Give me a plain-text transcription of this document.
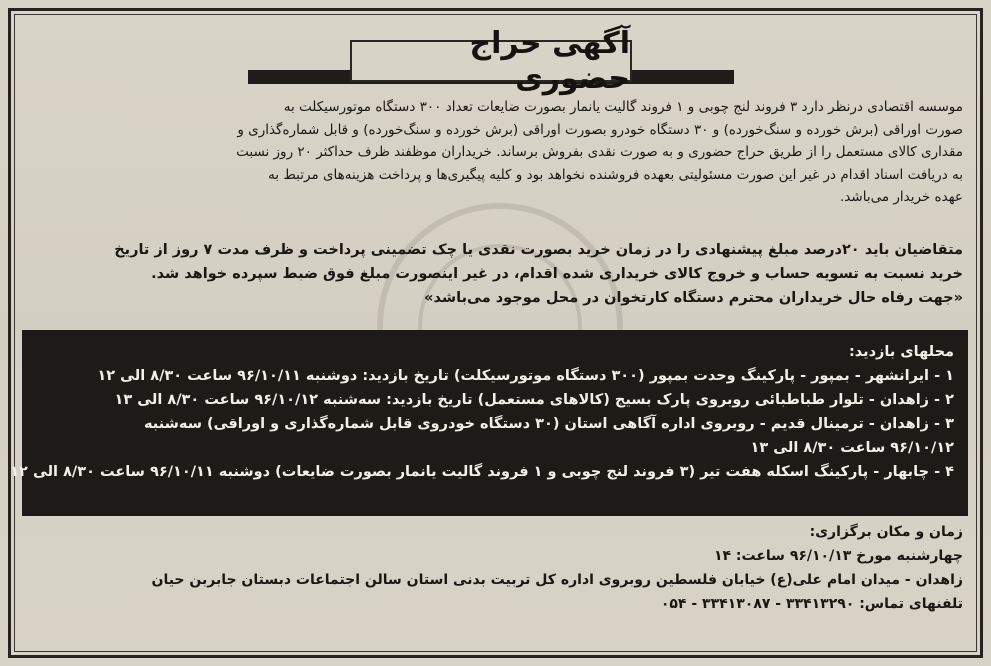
آگهی حراج حضوری
موسسه اقتصادی درنظر دارد ۳ فروند لنج چوبی و ۱ فروند گالیت یانمار بصورت ضایعات تعداد ۳۰۰ دستگاه موتورسیکلت به
صورت اوراقی (برش خورده و سنگ‌خورده) و ۳۰ دستگاه خودرو بصورت اوراقی (برش خورده و سنگ‌خورده) و قابل شماره‌گذاری و
مقداری کالای مستعمل را از طریق حراج حضوری و به صورت نقدی بفروش برساند. خریداران موظفند ظرف حداکثر ۲۰ روز نسبت
به دریافت اسناد اقدام در غیر این صورت مسئولیتی بعهده فروشنده نخواهد بود و کلیه پیگیری‌ها و پرداخت هزینه‌های مرتبط به
عهده خریدار می‌باشد.
متقاضیان باید ۲۰درصد مبلغ پیشنهادی را در زمان خرید بصورت نقدی یا چک تضمینی پرداخت و ظرف مدت ۷ روز از تاریخ
خرید نسبت به تسویه حساب و خروج کالای خریداری شده اقدام، در غیر اینصورت مبلغ فوق ضبط سپرده خواهد شد.
«جهت رفاه حال خریداران محترم دستگاه کارتخوان در محل موجود می‌باشد»
محلهای بازدید:
۱ - ایرانشهر - بمپور - پارکینگ وحدت بمپور (۳۰۰ دستگاه موتورسیکلت) تاریخ بازدید: دوشنبه ۹۶/۱۰/۱۱ ساعت ۸/۳۰ الی ۱۲
۲ - زاهدان - تلوار طباطبائی روبروی پارک بسیج (کالاهای مستعمل) تاریخ بازدید: سه‌شنبه ۹۶/۱۰/۱۲ ساعت ۸/۳۰ الی ۱۳
۳ - زاهدان - ترمینال قدیم - روبروی اداره آگاهی استان (۳۰ دستگاه خودروی قابل شماره‌گذاری و اوراقی) سه‌شنبه
۹۶/۱۰/۱۲ ساعت ۸/۳۰ الی ۱۳
۴ - چابهار - پارکینگ اسکله هفت تیر (۳ فروند لنج چوبی و ۱ فروند گالیت یانمار بصورت ضایعات) دوشنبه ۹۶/۱۰/۱۱ ساعت ۸/۳۰ الی ۱۲
زمان و مکان برگزاری:
چهارشنبه مورخ ۹۶/۱۰/۱۳ ساعت: ۱۴
زاهدان - میدان امام علی(ع) خیابان فلسطین روبروی اداره کل تربیت بدنی استان سالن اجتماعات دبستان جابربن حیان
تلفنهای تماس: ۳۳۴۱۳۲۹۰ - ۳۳۴۱۳۰۸۷ - ۰۵۴
